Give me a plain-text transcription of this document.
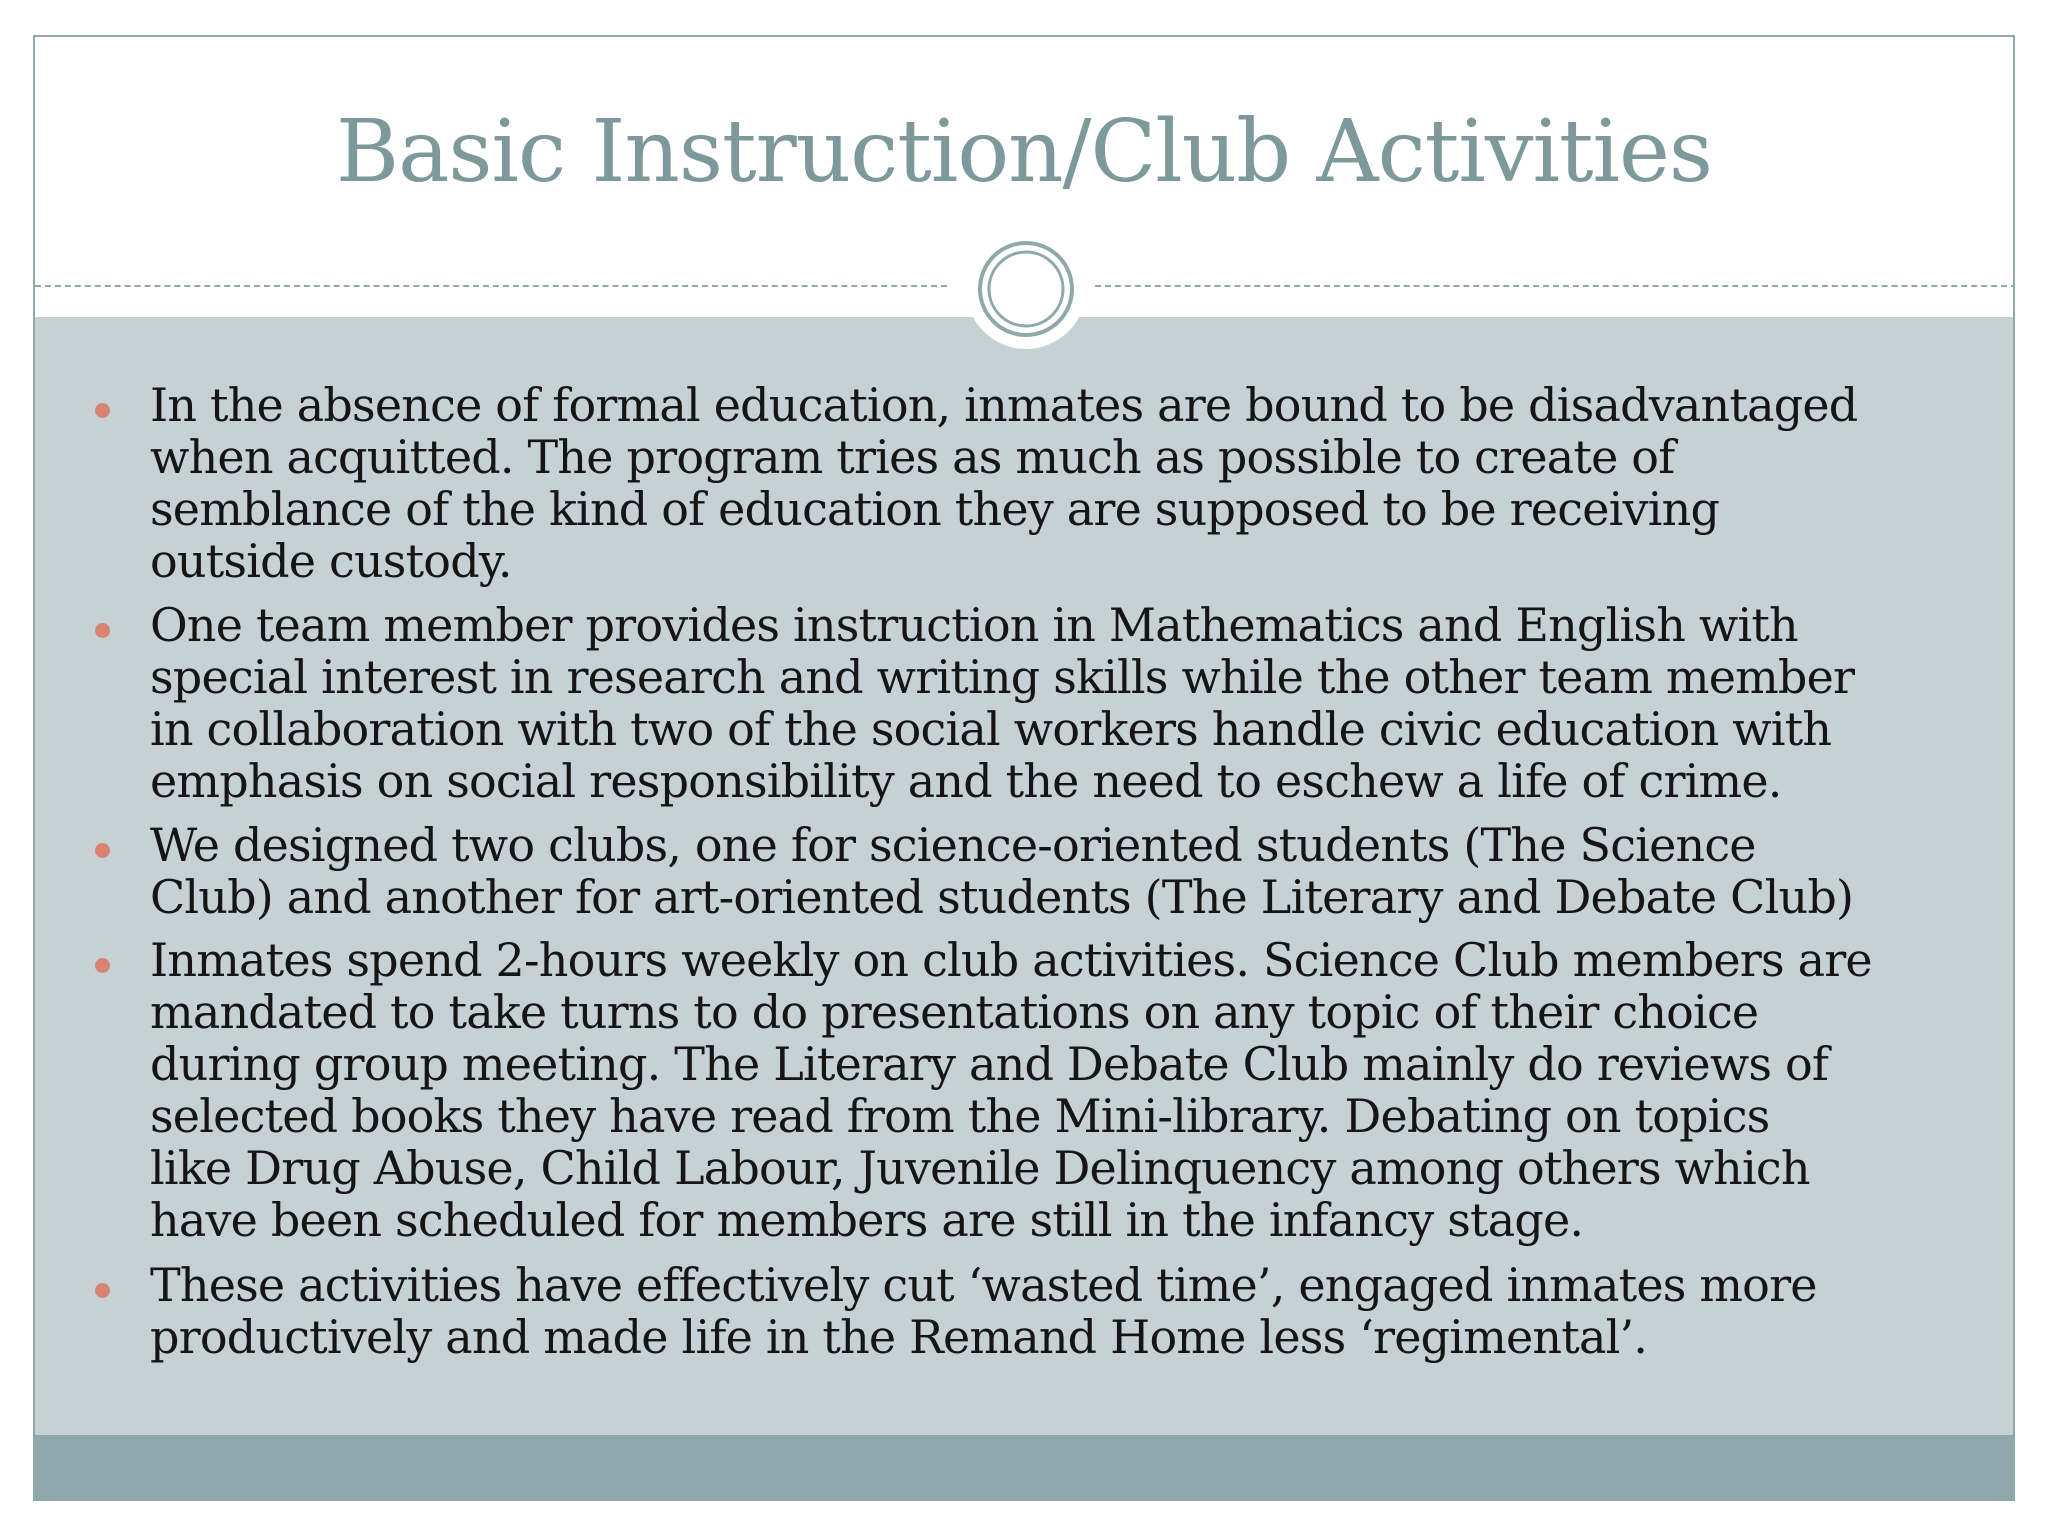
Basic Instruction/Club Activities
In the absence of formal education, inmates are bound to be disadvantaged
when acquitted. The program tries as much as possible to create of
semblance of the kind of education they are supposed to be receiving
outside custody.
One team member provides instruction in Mathematics and English with
special interest in research and writing skills while the other team member
in collaboration with two of the social workers handle civic education with
emphasis on social responsibility and the need to eschew a life of crime.
We designed two clubs, one for science-oriented students (The Science
Club) and another for art-oriented students (The Literary and Debate Club)
Inmates spend 2-hours weekly on club activities. Science Club members are
mandated to take turns to do presentations on any topic of their choice
during group meeting. The Literary and Debate Club mainly do reviews of
selected books they have read from the Mini-library. Debating on topics
like Drug Abuse, Child Labour, Juvenile Delinquency among others which
have been scheduled for members are still in the infancy stage.
These activities have effectively cut ‘wasted time’, engaged inmates more
productively and made life in the Remand Home less ‘regimental’.
